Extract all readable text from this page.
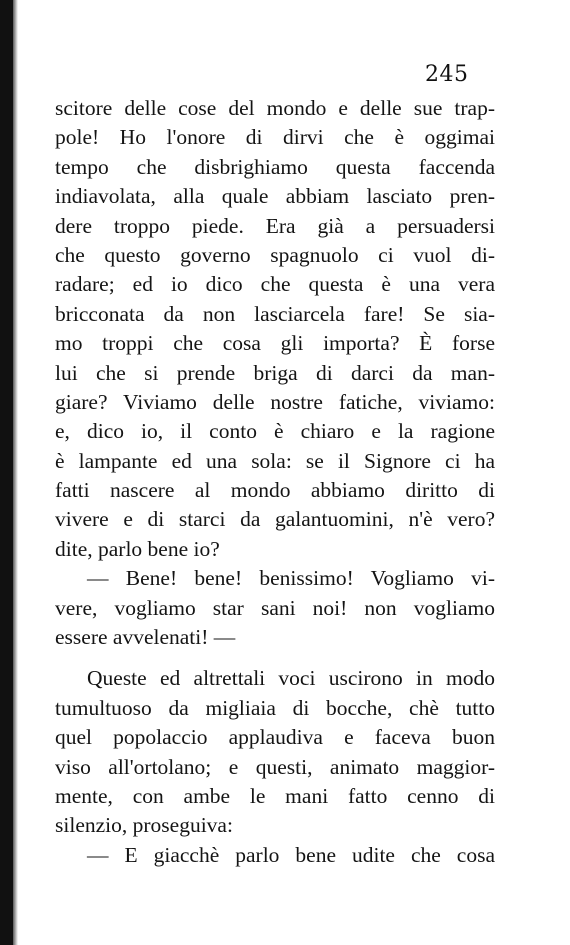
245
scitore delle cose del mondo e delle sue trap-
pole! Ho l'onore di dirvi che è oggimai
tempo che disbrighiamo questa faccenda
indiavolata, alla quale abbiam lasciato pren-
dere troppo piede. Era già a persuadersi
che questo governo spagnuolo ci vuol di-
radare; ed io dico che questa è una vera
bricconata da non lasciarcela fare! Se sia-
mo troppi che cosa gli importa? È forse
lui che si prende briga di darci da man-
giare? Viviamo delle nostre fatiche, viviamo:
e, dico io, il conto è chiaro e la ragione
è lampante ed una sola: se il Signore ci ha
fatti nascere al mondo abbiamo diritto di
vivere e di starci da galantuomini, n'è vero?
dite, parlo bene io?
— Bene! bene! benissimo! Vogliamo vi-
vere, vogliamo star sani noi! non vogliamo
essere avvelenati! —
Queste ed altrettali voci uscirono in modo
tumultuoso da migliaia di bocche, chè tutto
quel popolaccio applaudiva e faceva buon
viso all'ortolano; e questi, animato maggior-
mente, con ambe le mani fatto cenno di
silenzio, proseguiva:
— E giacchè parlo bene udite che cosa
